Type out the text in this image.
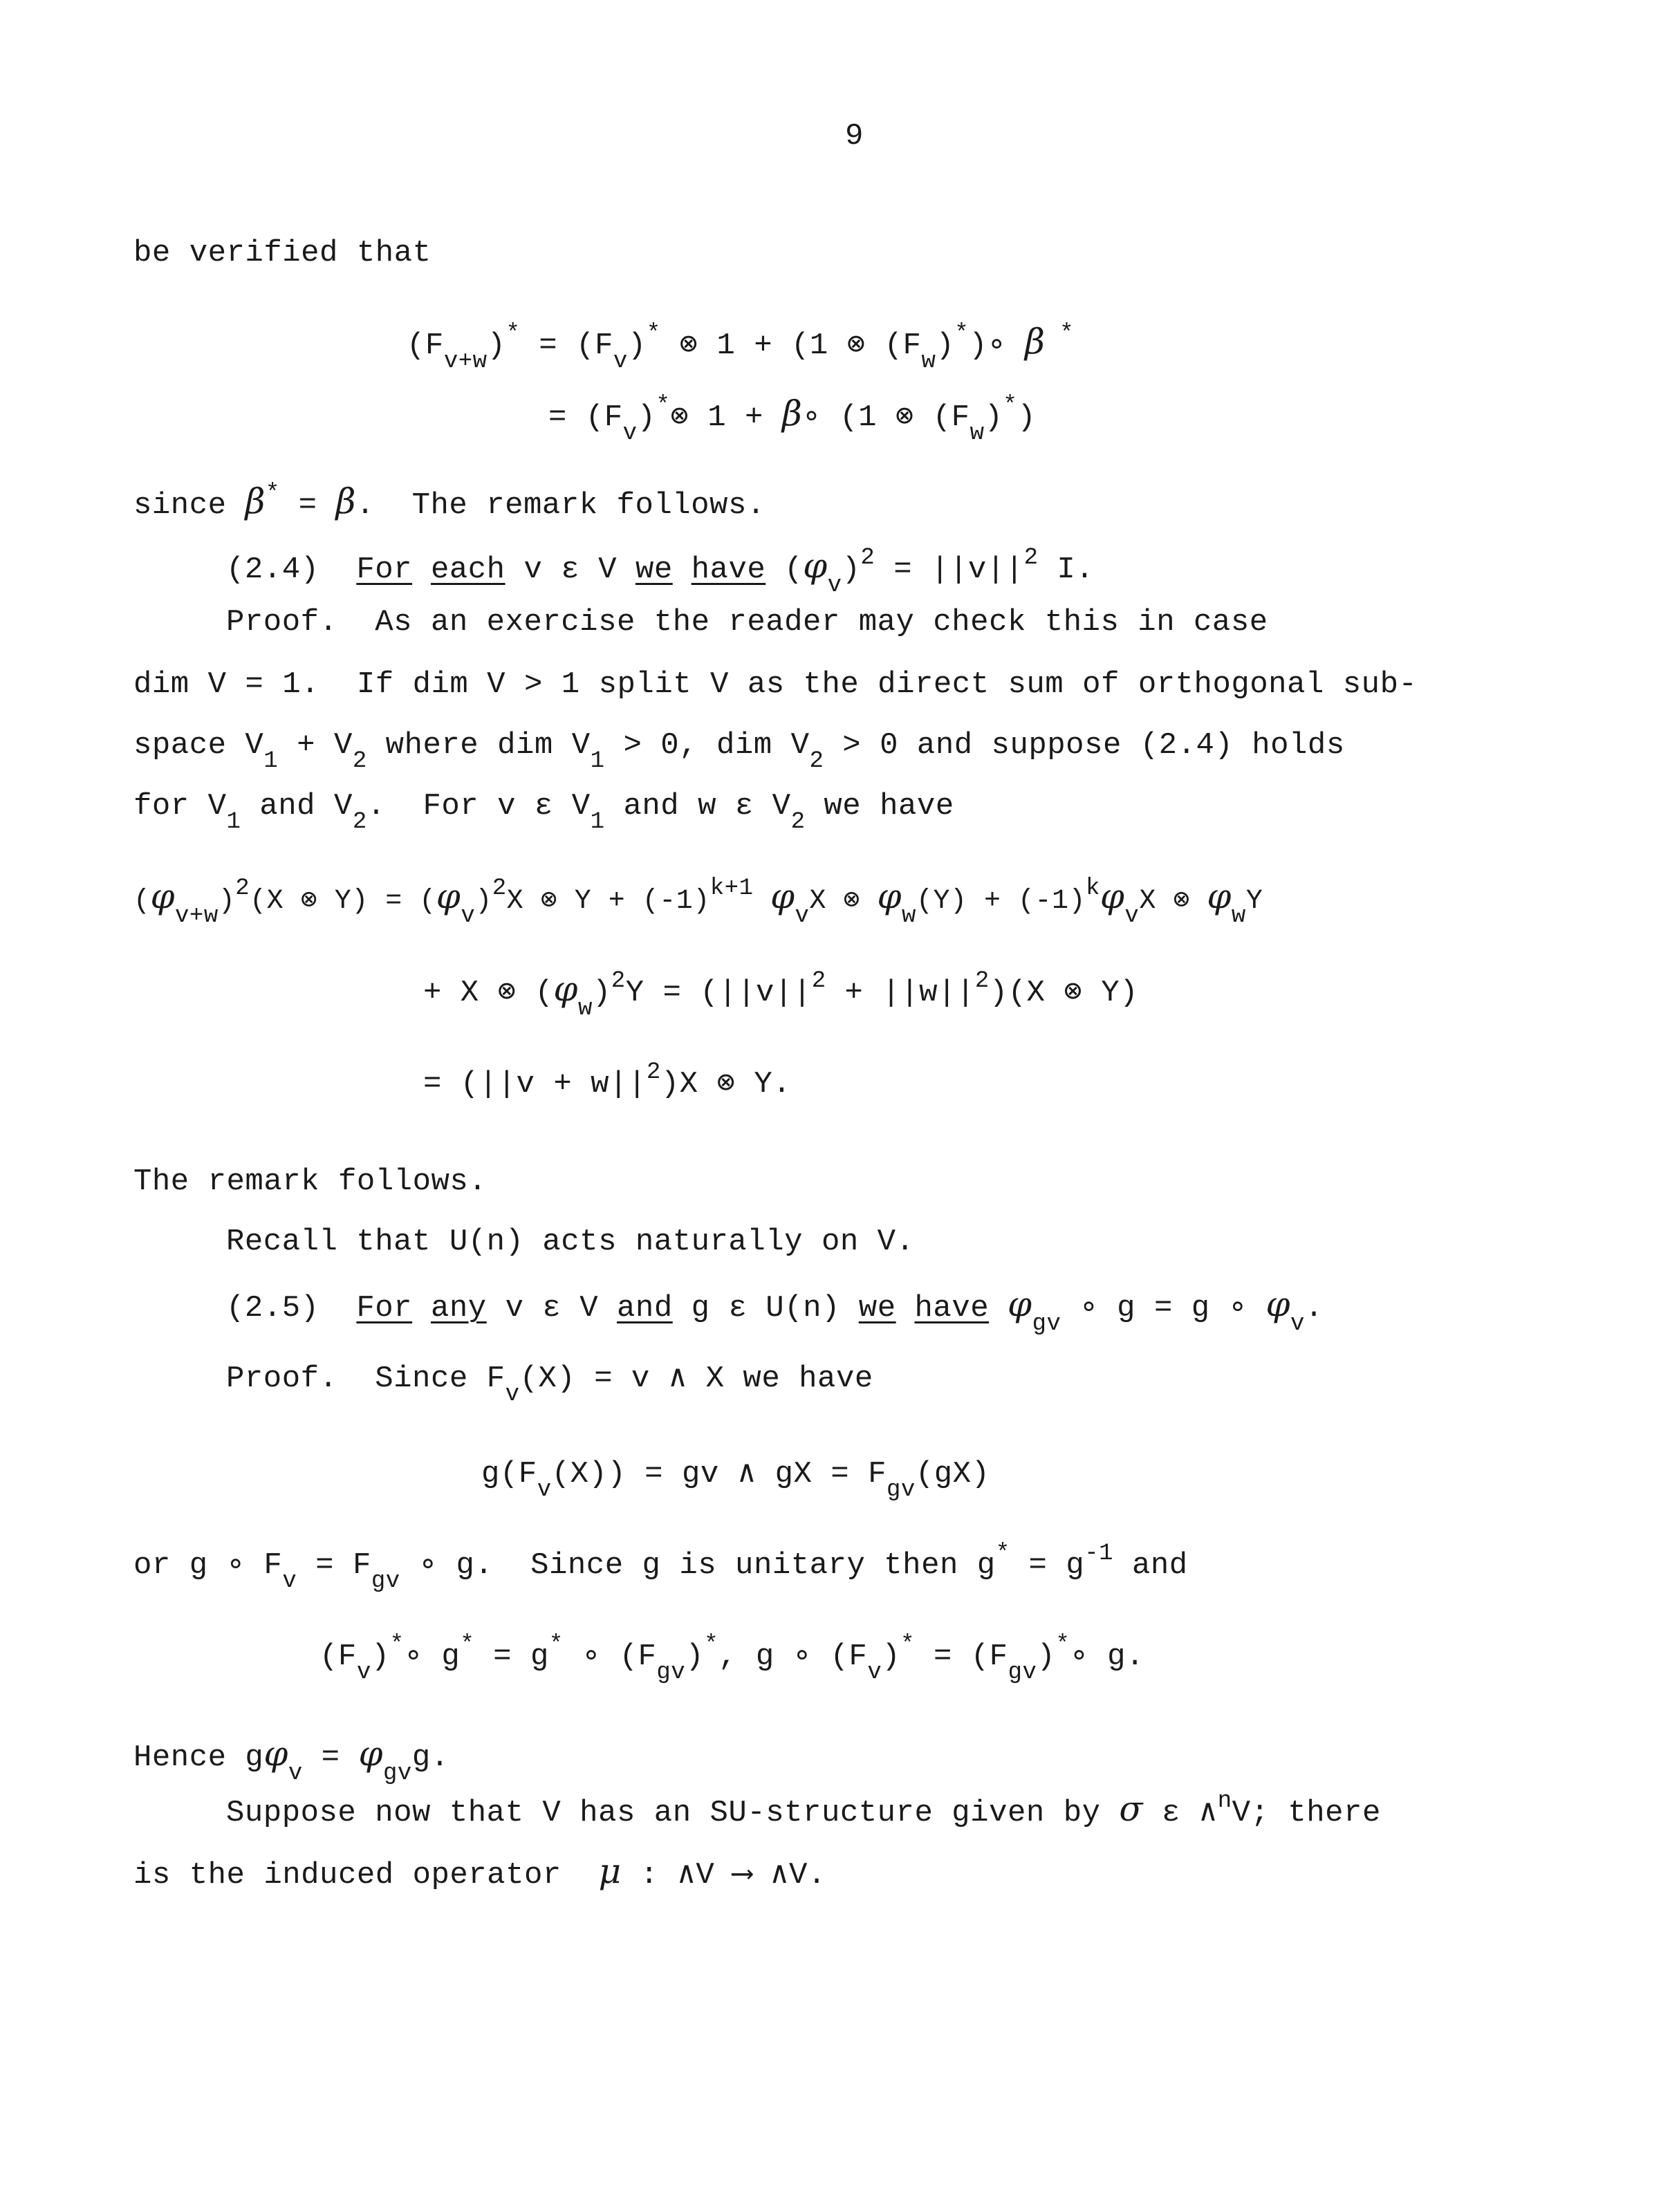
9
be verified that
$(F_{v+w})^* = (F_v)^*$ ⊗ 1 + (1 ⊗ $(F_w)^*)\circ$ β *
= $(F_v)^*\otimes$ 1 + β∘ (1 ⊗ $(F_w)^*$)
since β* = β.  The remark follows.
(2.4)  For each v ε V we have $(\varphi_v)^2 = ||v||^2$ I.
Proof.  As an exercise the reader may check this in case
dim V = 1.  If dim V > 1 split V as the direct sum of orthogonal sub-
space $V_1 + V_2$ where dim $V_1 > 0$, dim $V_2 > 0$ and suppose (2.4) holds
for $V_1$ and $V_2$.  For v ε $V_1$ and w ε $V_2$ we have
$(\varphi_{v+w})^2(X$ ⊗ $Y) = (\varphi_v)^2X$ ⊗ $Y + (-1)^{k+1}$ $\varphi_vX$ ⊗ $\varphi_w(Y) + (-1)^k\varphi_vX$ ⊗ $\varphi_wY$
+ X ⊗ $(\varphi_w)^2Y = (||v||^2 + ||w||^2)(X$ ⊗ Y)
= $(||v + w||^2)X$ ⊗ Y.
The remark follows.
Recall that U(n) acts naturally on V.
(2.5)  For any v ε V and g ε U(n) we have $\varphi_{gv}$ ∘ g = g ∘ $\varphi_v$.
Proof.  Since $F_v(X) = v$ ∧ X we have
$g(F_v(X))$ = gv ∧ gX = $F_{gv}(gX)$
or g ∘ $F_v = F_{gv}$ ∘ g.  Since g is unitary then $g^* = g^{-1}$ and
$(F_v)^*\circ$ g* = g* ∘ $(F_{gv})^*$, g ∘ $(F_v)^*$ = $(F_{gv})^*\circ$ g.
Hence $g\varphi_v = \varphi_{gv}g$.
Suppose now that V has an SU-structure given by σ ε ∧$^n$V; there
is the induced operator  μ : ∧V ⟶ ∧V.
